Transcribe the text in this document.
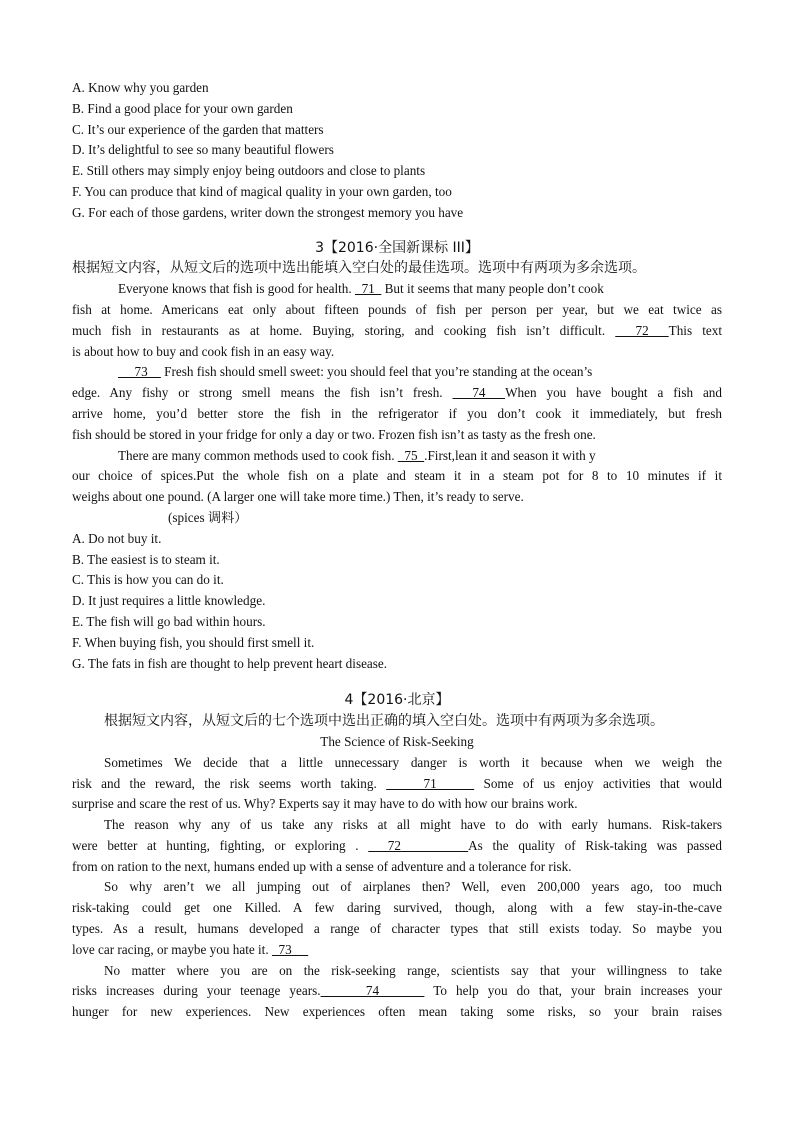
A. Know why you garden
B. Find a good place for your own garden
C. It’s our experience of the garden that matters
D. It’s delightful to see so many beautiful flowers
E. Still others may simply enjoy being outdoors and close to plants
F. You can produce that kind of magical quality in your own garden, too
G. For each of those gardens, writer down the strongest memory you have
3【2016·全国新课标 III】
根据短文内容，从短文后的选项中选出能填入空白处的最佳选项。选项中有两项为多余选项。
Everyone knows that fish is good for health.   71   But it seems that many people don’t cook
fish at home. Americans eat only about fifteen pounds of fish per person per year, but we eat twice as
much fish in restaurants as at home. Buying, storing, and cooking fish isn’t difficult.   72  This text
is about how to buy and cook fish in an easy way.
73     Fresh fish should smell sweet: you should feel that you’re standing at the ocean’s
edge. Any fishy or strong smell means the fish isn’t fresh.   74  When you have bought a fish and
arrive home, you’d better store the fish in the refrigerator if you don’t cook it immediately, but fresh
fish should be stored in your fridge for only a day or two. Frozen fish isn’t as tasty as the fresh one.
There are many common methods used to cook fish.   75  .First,lean it and season it with y
our choice of spices.Put the whole fish on a plate and steam it in a steam pot for 8 to 10 minutes if it
weighs about one pound. (A larger one will take more time.) Then, it’s ready to serve.
(spices 调料）
A. Do not buy it.
B. The easiest is to steam it.
C. This is how you can do it.
D. It just requires a little knowledge.
E. The fish will go bad within hours.
F. When buying fish, you should first smell it.
G. The fats in fish are thought to help prevent heart disease.
4【2016·北京】
根据短文内容，从短文后的七个选项中选出正确的填入空白处。选项中有两项为多余选项。
The Science of Risk-Seeking
Sometimes We decide that a little unnecessary danger is worth it because when we weigh the
risk and the reward, the risk seems worth taking.     71     Some of us enjoy activities that would
surprise and scare the rest of us. Why? Experts say it may have to do with how our brains work.
The reason why any of us take any risks at all might have to do with early humans. Risk-takers
were better at hunting, fighting, or exploring .   72       As the quality of Risk-taking was passed
from on ration to the next, humans ended up with a sense of adventure and a tolerance for risk.
So why aren’t we all jumping out of airplanes then? Well, even 200,000 years ago, too much
risk-taking could get one Killed. A few daring survived, though, along with a few stay-in-the-cave
types. As a result, humans developed a range of character types that still exists today. So maybe you
love car racing, or maybe you hate it.   73
No matter where you are on the risk-seeking range, scientists say that your willingness to take
risks increases during your teenage years.     74      To help you do that, your brain increases your
hunger for new experiences. New experiences often mean taking some risks, so your brain raises
